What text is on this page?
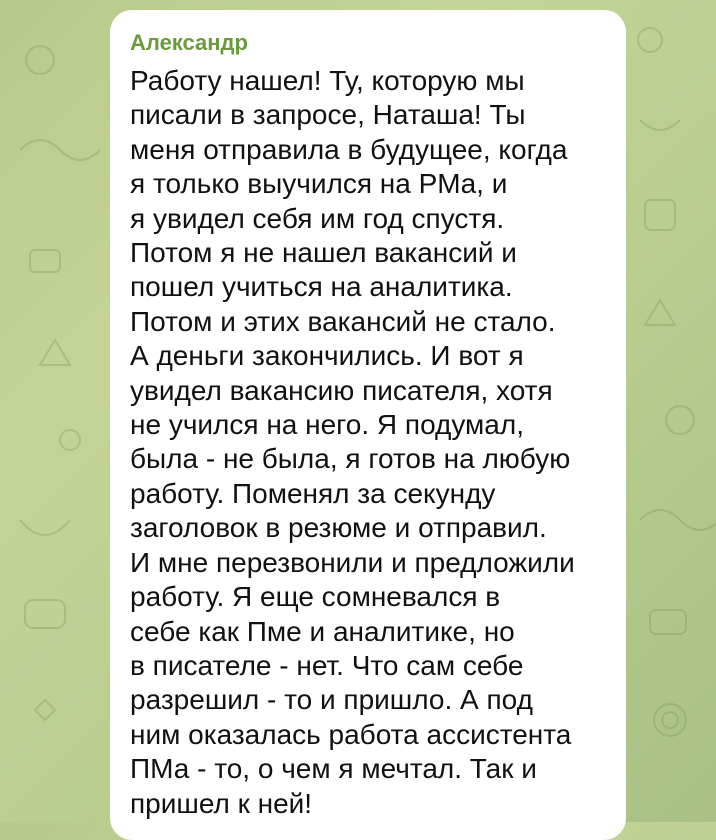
Александр
Работу нашел! Ту, которую мы
писали в запросе, Наташа! Ты
меня отправила в будущее, когда
я только выучился на PMа, и
я увидел себя им год спустя.
Потом я не нашел вакансий и
пошел учиться на аналитика.
Потом и этих вакансий не стало.
А деньги закончились. И вот я
увидел вакансию писателя, хотя
не учился на него. Я подумал,
была - не была, я готов на любую
работу. Поменял за секунду
заголовок в резюме и отправил.
И мне перезвонили и предложили
работу. Я еще сомневался в
себе как Пме и аналитике, но
в писателе - нет. Что сам себе
разрешил - то и пришло. А под
ним оказалась работа ассистента
ПМа - то, о чем я мечтал. Так и
пришел к ней!
